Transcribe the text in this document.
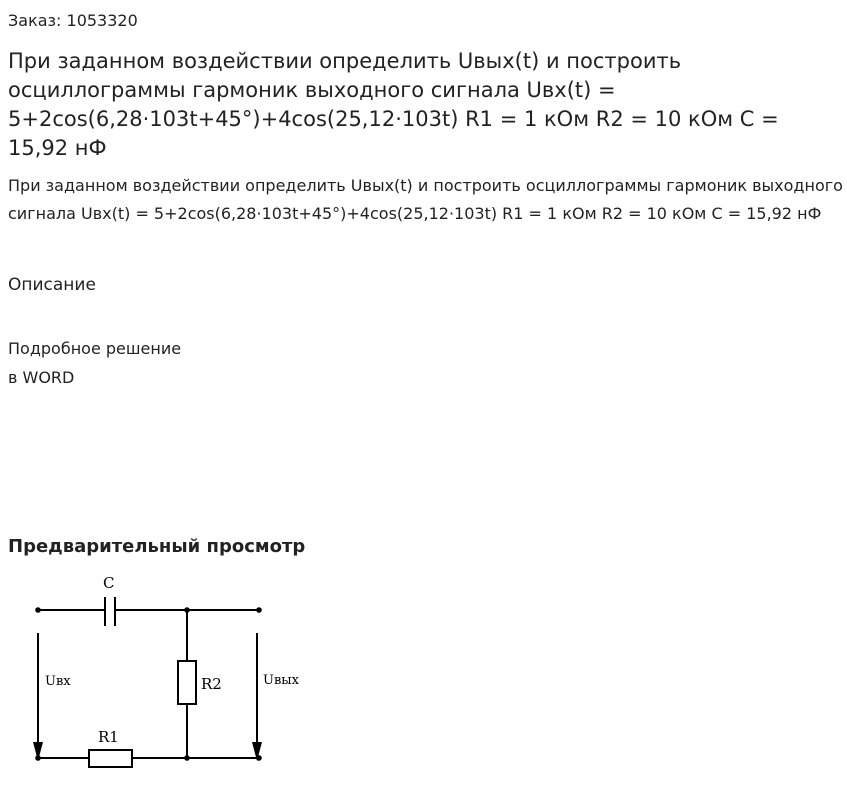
Заказ: 1053320
При заданном воздействии определить Uвых(t) и построить осциллограммы гармоник выходного сигнала Uвх(t) = 5+2cos(6,28·103t+45°)+4cos(25,12·103t) R1 = 1 кОм R2 = 10 кОм С = 15,92 нФ

При заданном воздействии определить Uвых(t) и построить осциллограммы гармоник выходного сигнала Uвх(t) = 5+2cos(6,28·103t+45°)+4cos(25,12·103t) R1 = 1 кОм R2 = 10 кОм С = 15,92 нФ

Описание
Подробное решение
в WORD
Предварительный просмотр
C
R1
R2
Uвх	Uвых
